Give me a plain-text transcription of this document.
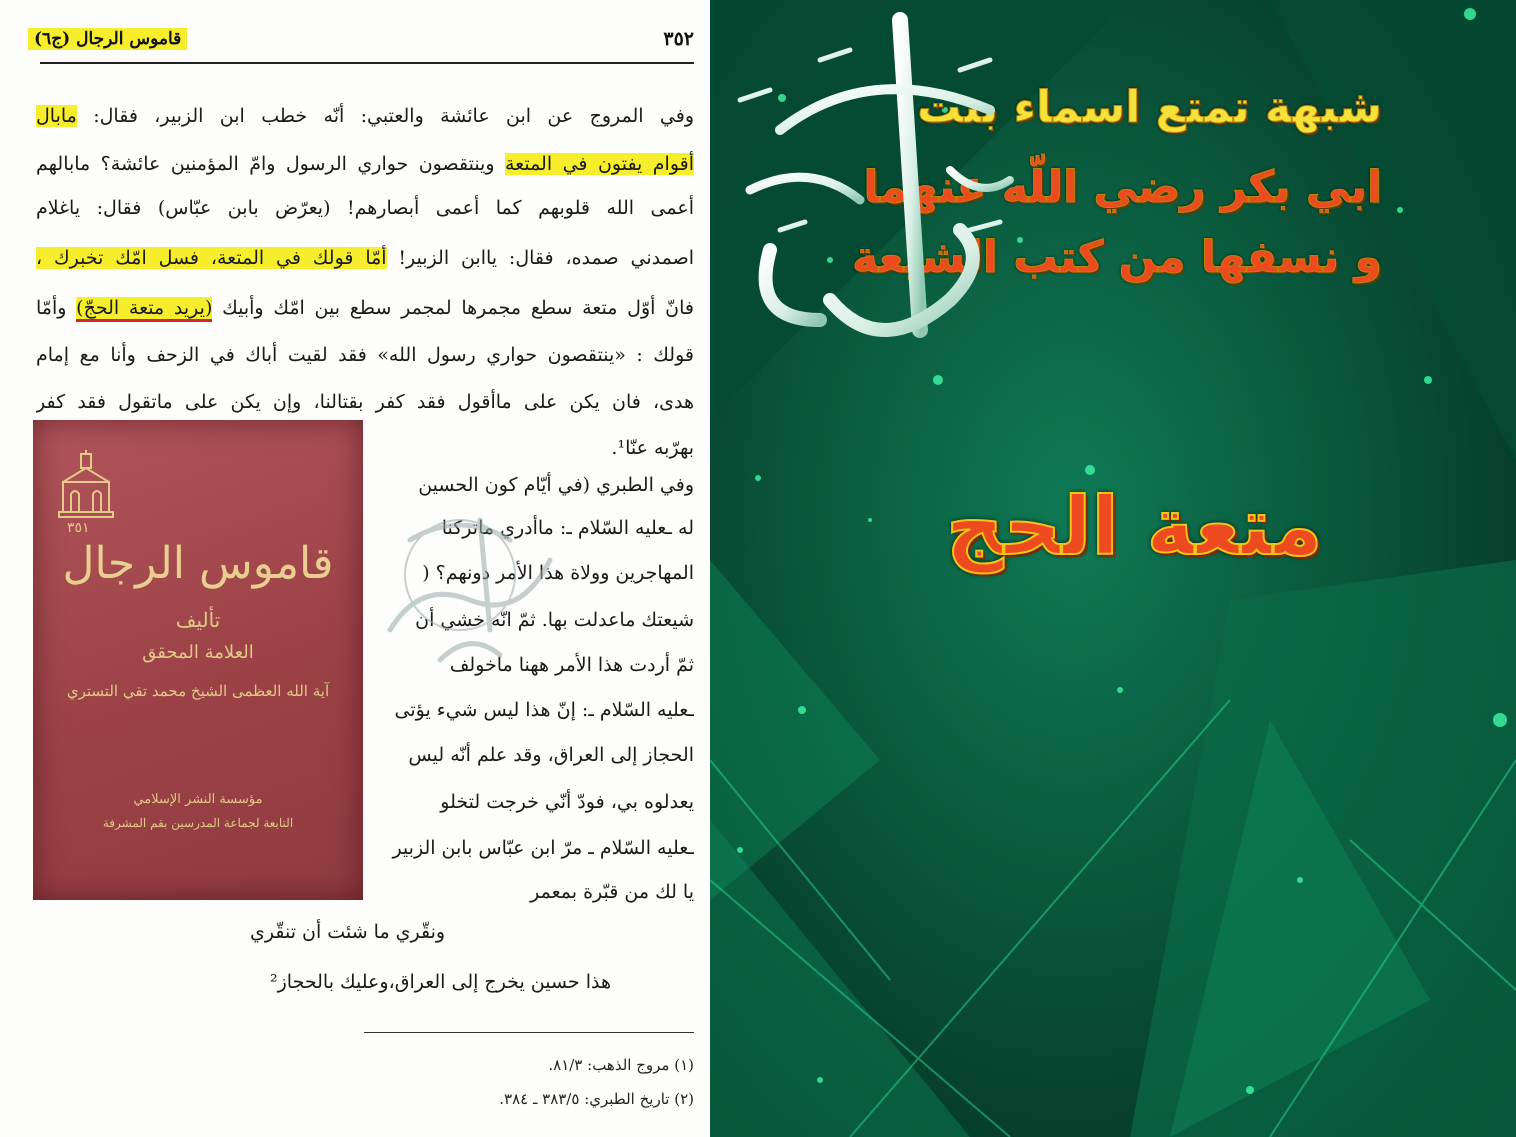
قاموس الرجال (ج٦)	٣٥٢
وفي المروج عن ابن عائشة والعتبي: أنّه خطب ابن الزبير، فقال: مابال
أقوام يفتون في المتعة وينتقصون حواري الرسول وامّ المؤمنين عائشة؟ مابالهم
أعمى الله قلوبهم كما أعمى أبصارهم! (يعرّض بابن عبّاس) فقال: ياغلام
اصمدني صمده، فقال: ياابن الزبير! أمّا قولك في المتعة، فسل امّك تخبرك ،
فانّ أوّل متعة سطع مجمرها لمجمر سطع بين امّك وأبيك (يريد متعة الحجّ) وأمّا
قولك : «ينتقصون حواري رسول الله» فقد لقيت أباك في الزحف وأنا مع إمام
هدى، فان يكن على ماأقول فقد كفر بقتالنا، وإن يكن على ماتقول فقد كفر
بهرّبه عنّا¹.
وفي الطبري (في أيّام كون الحسين
له ـعليه السّلام ـ: ماأدري ماتركنا
المهاجرين وولاة هذا الأمر دونهم؟ (
شيعتك ماعدلت بها. ثمّ انّه خشي أن
ثمّ أردت هذا الأمر ههنا ماخولف
ـعليه السّلام ـ: إنّ هذا ليس شيء يؤتى
الحجاز إلى العراق، وقد علم أنّه ليس
يعدلوه بي، فودّ أنّي خرجت لتخلو
ـعليه السّلام ـ مرّ ابن عبّاس بابن الزبير
يا لك من قبّرة بمعمر
ونقّري ما شئت أن تنقّري
هذا حسين يخرج إلى العراق،وعليك بالحجاز²
(١) مروج الذهب: ٨١/٣.
(٢) تاريخ الطبري: ٣٨٣/٥ ـ ٣٨٤.
٣٥١
قاموس الرجال
تأليف
العلامة المحقق
آية الله العظمى الشيخ محمد تقي التستري
مؤسسة النشر الإسلامي
التابعة لجماعة المدرسين بقم المشرفة
شبهة تمتع اسماء بنت
ابي بكر رضي اللّه عنهما
و نسفها من كتب الشيعة
متعة الحج
